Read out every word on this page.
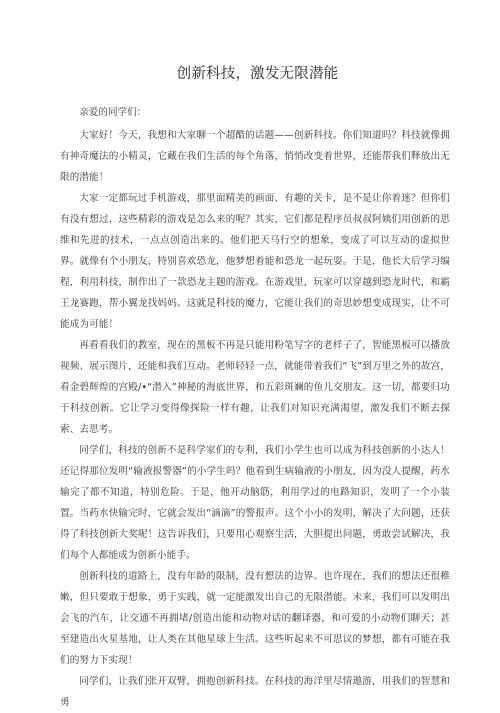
创新科技，激发无限潜能

亲爱的同学们：

大家好！今天，我想和大家聊一个超酷的话题——创新科技。你们知道吗？科技就像拥有神奇魔法的小精灵，它藏在我们生活的每个角落，悄悄改变着世界，还能帮我们释放出无限的潜能！

大家一定都玩过手机游戏，那里面精美的画面、有趣的关卡，是不是让你着迷？但你们有没有想过，这些精彩的游戏是怎么来的呢？其实，它们都是程序员叔叔阿姨们用创新的思维和先进的技术，一点点创造出来的。他们把天马行空的想象，变成了可以互动的虚拟世界。就像有个小朋友，特别喜欢恐龙，他梦想着能和恐龙一起玩耍。于是，他长大后学习编程，利用科技，制作出了一款恐龙主题的游戏。在游戏里，玩家可以穿越到恐龙时代，和霸王龙赛跑，帮小翼龙找妈妈。这就是科技的魔力，它能让我们的奇思妙想变成现实，让不可能成为可能！

再看看我们的教室，现在的黑板不再是只能用粉笔写字的老样子了，智能黑板可以播放视频、展示图片，还能和我们互动。老师轻轻一点，就能带着我们“飞”到万里之外的故宫，看金碧辉煌的宫殿/•“潜入”神秘的海底世界，和五彩斑斓的鱼儿交朋友。这一切，都要归功于科技创新。它让学习变得像探险一样有趣，让我们对知识充满渴望，激发我们不断去探索、去思考。

同学们，科技的创新不是科学家们的专利，我们小学生也可以成为科技创新的小达人！还记得那位发明“输液报警器”的小学生吗？他看到生病输液的小朋友，因为没人提醒，药水输完了都不知道，特别危险。于是，他开动脑筋，利用学过的电路知识，发明了一个小装置。当药水快输完时，它就会发出“滴滴”的警报声。这个小小的发明，解决了大问题，还获得了科技创新大奖呢！这告诉我们，只要用心观察生活，大胆提出问题，勇敢尝试解决，我们每个人都能成为创新小能手。

创新科技的道路上，没有年龄的限制，没有想法的边界。也许现在，我们的想法还很稚嫩，但只要敢于想象，勇于实践，就一定能激发出自己的无限潜能。未来，我们可以发明出会飞的汽车，让交通不再拥堵/创造出能和动物对话的翻译器，和可爱的小动物们聊天；甚至建造出火星基地，让人类在其他星球上生活。这些听起来不可思议的梦想，都有可能在我们的努力下实现！

同学们，让我们张开双臂，拥抱创新科技。在科技的海洋里尽情遨游，用我们的智慧和勇
